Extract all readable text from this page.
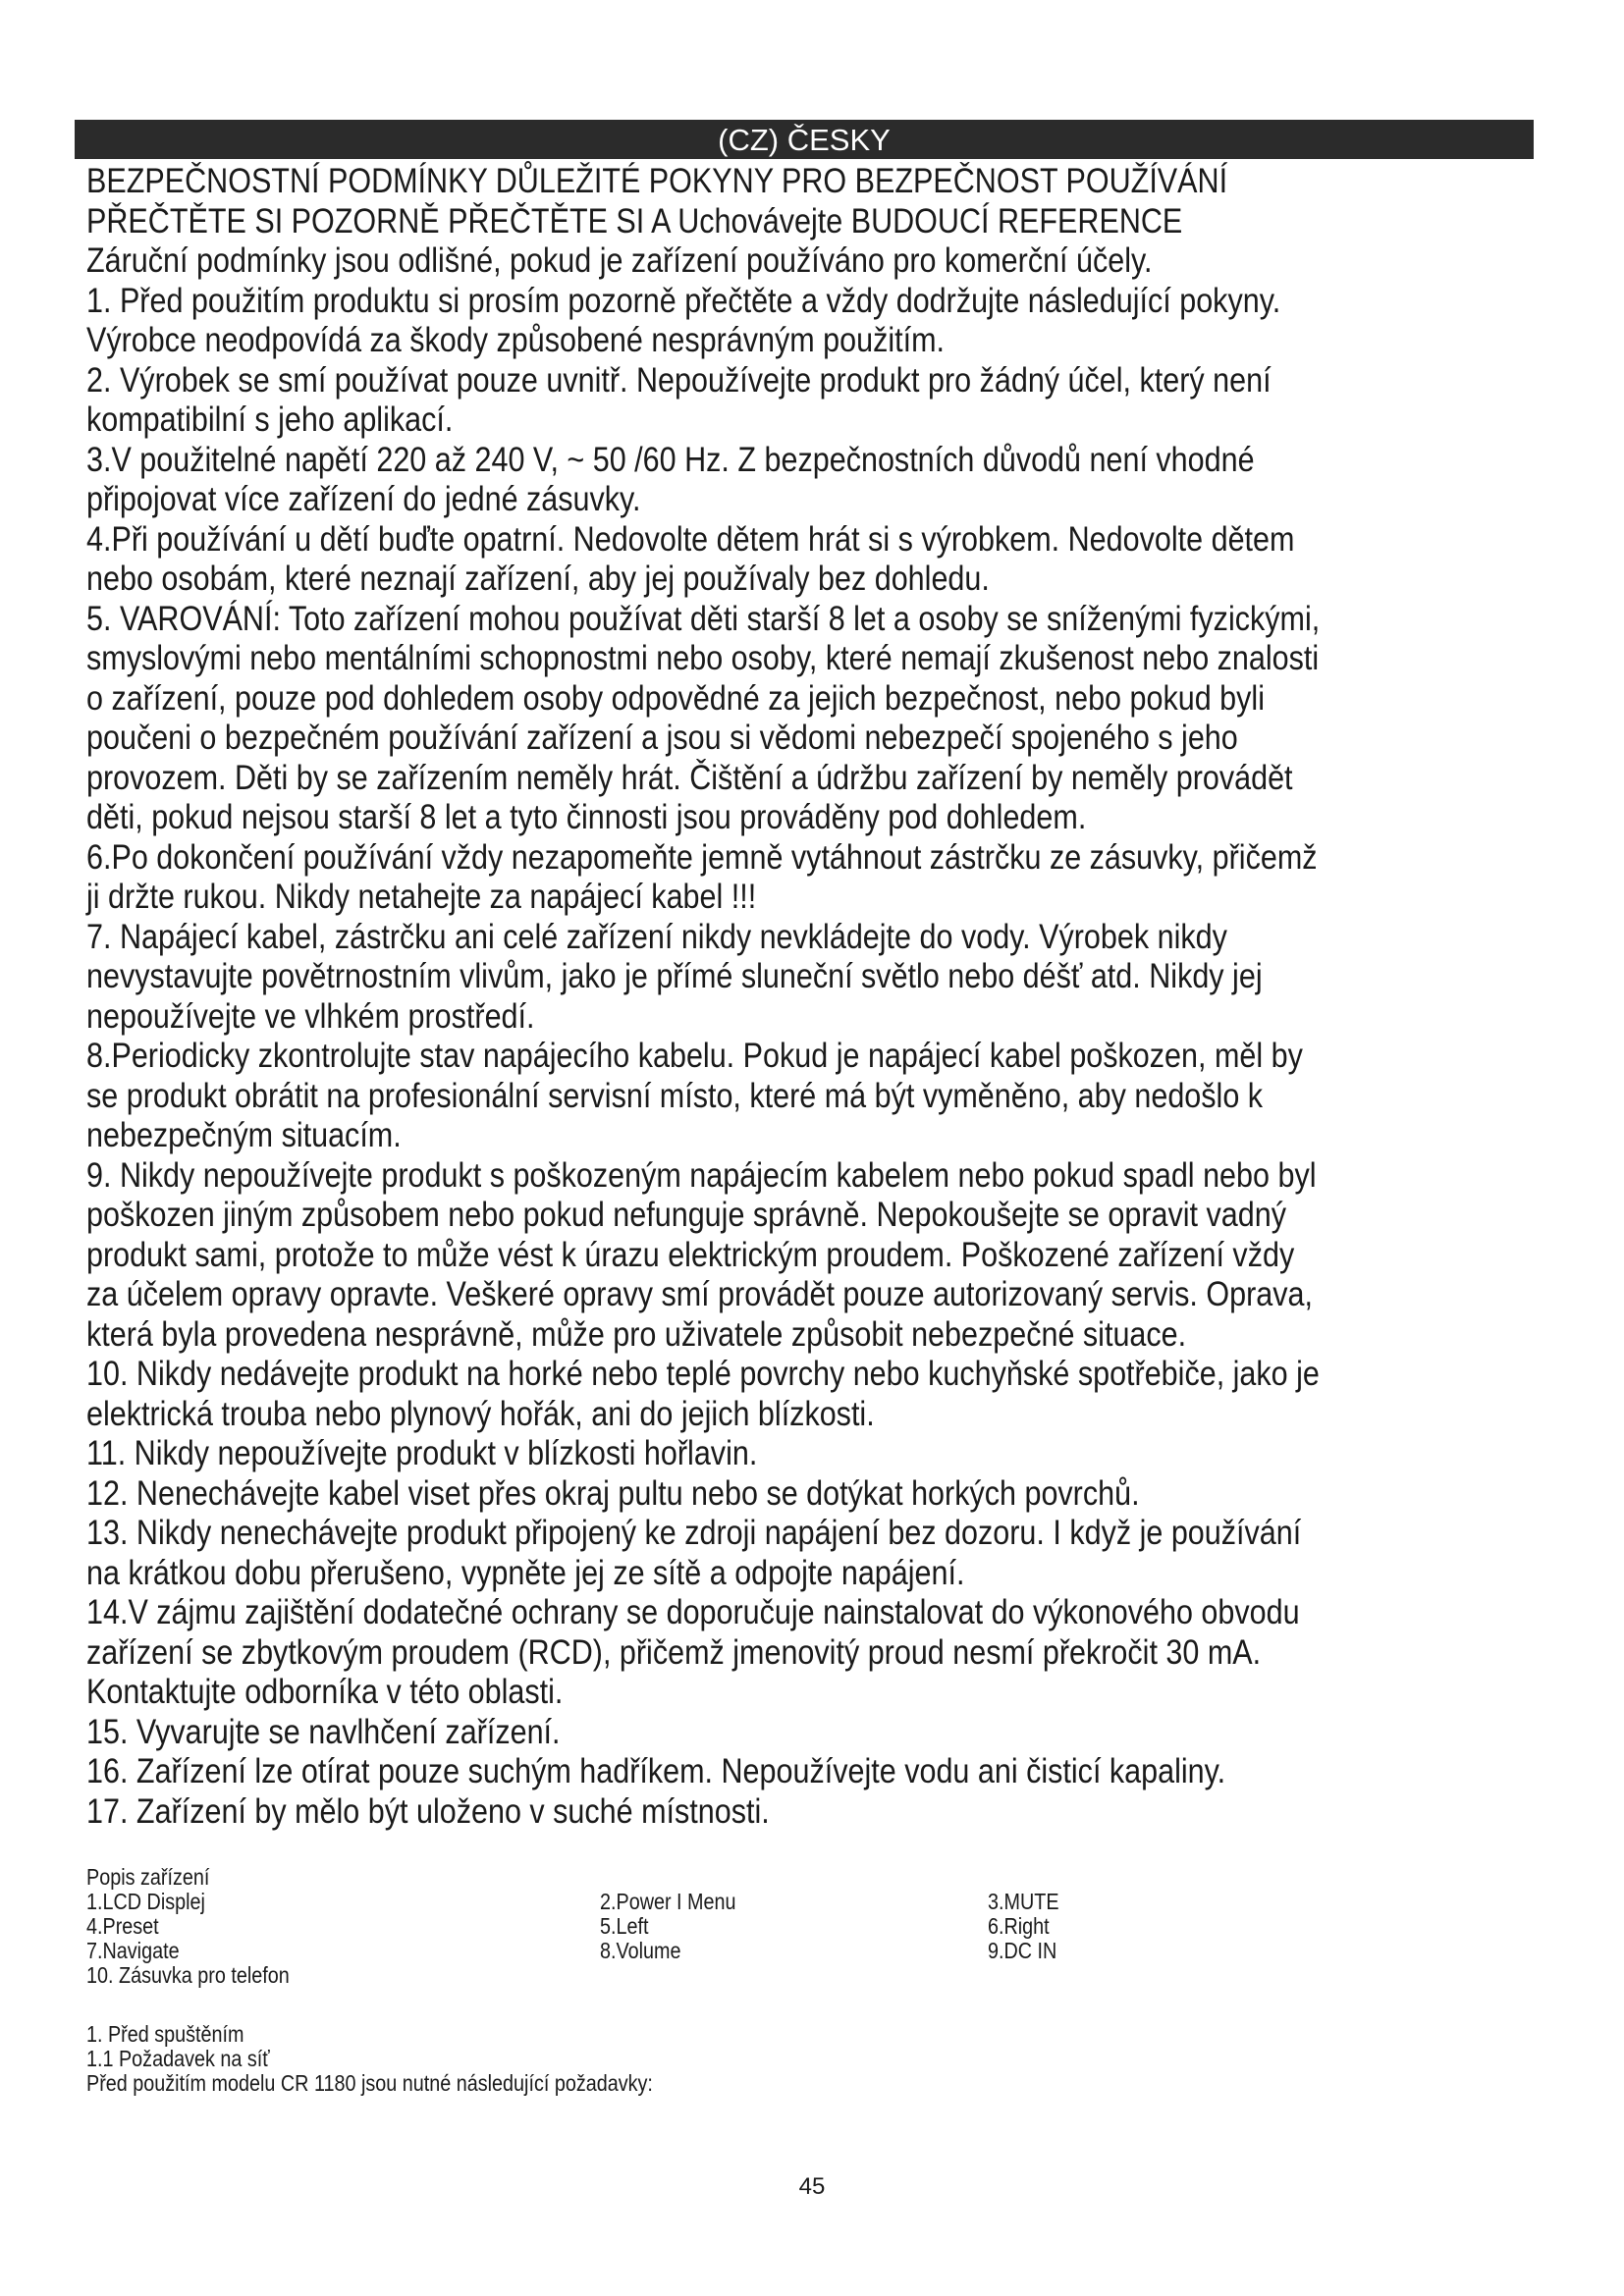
(CZ) ČESKY
BEZPEČNOSTNÍ PODMÍNKY DŮLEŽITÉ POKYNY PRO BEZPEČNOST POUŽÍVÁNÍ
PŘEČTĚTE SI POZORNĚ PŘEČTĚTE SI A Uchovávejte BUDOUCÍ REFERENCE
Záruční podmínky jsou odlišné, pokud je zařízení používáno pro komerční účely.
1. Před použitím produktu si prosím pozorně přečtěte a vždy dodržujte následující pokyny.
Výrobce neodpovídá za škody způsobené nesprávným použitím.
2. Výrobek se smí používat pouze uvnitř. Nepoužívejte produkt pro žádný účel, který není
kompatibilní s jeho aplikací.
3.V použitelné napětí 220 až 240 V, ~ 50 /60 Hz. Z bezpečnostních důvodů není vhodné
připojovat více zařízení do jedné zásuvky.
4.Při používání u dětí buďte opatrní. Nedovolte dětem hrát si s výrobkem. Nedovolte dětem
nebo osobám, které neznají zařízení, aby jej používaly bez dohledu.
5. VAROVÁNÍ: Toto zařízení mohou používat děti starší 8 let a osoby se sníženými fyzickými,
smyslovými nebo mentálními schopnostmi nebo osoby, které nemají zkušenost nebo znalosti
o zařízení, pouze pod dohledem osoby odpovědné za jejich bezpečnost, nebo pokud byli
poučeni o bezpečném používání zařízení a jsou si vědomi nebezpečí spojeného s jeho
provozem. Děti by se zařízením neměly hrát. Čištění a údržbu zařízení by neměly provádět
děti, pokud nejsou starší 8 let a tyto činnosti jsou prováděny pod dohledem.
6.Po dokončení používání vždy nezapomeňte jemně vytáhnout zástrčku ze zásuvky, přičemž
ji držte rukou. Nikdy netahejte za napájecí kabel !!!
7. Napájecí kabel, zástrčku ani celé zařízení nikdy nevkládejte do vody. Výrobek nikdy
nevystavujte povětrnostním vlivům, jako je přímé sluneční světlo nebo déšť atd. Nikdy jej
nepoužívejte ve vlhkém prostředí.
8.Periodicky zkontrolujte stav napájecího kabelu. Pokud je napájecí kabel poškozen, měl by
se produkt obrátit na profesionální servisní místo, které má být vyměněno, aby nedošlo k
nebezpečným situacím.
9. Nikdy nepoužívejte produkt s poškozeným napájecím kabelem nebo pokud spadl nebo byl
poškozen jiným způsobem nebo pokud nefunguje správně. Nepokoušejte se opravit vadný
produkt sami, protože to může vést k úrazu elektrickým proudem. Poškozené zařízení vždy
za účelem opravy opravte. Veškeré opravy smí provádět pouze autorizovaný servis. Oprava,
která byla provedena nesprávně, může pro uživatele způsobit nebezpečné situace.
10. Nikdy nedávejte produkt na horké nebo teplé povrchy nebo kuchyňské spotřebiče, jako je
elektrická trouba nebo plynový hořák, ani do jejich blízkosti.
11. Nikdy nepoužívejte produkt v blízkosti hořlavin.
12. Nenechávejte kabel viset přes okraj pultu nebo se dotýkat horkých povrchů.
13. Nikdy nenechávejte produkt připojený ke zdroji napájení bez dozoru. I když je používání
na krátkou dobu přerušeno, vypněte jej ze sítě a odpojte napájení.
14.V zájmu zajištění dodatečné ochrany se doporučuje nainstalovat do výkonového obvodu
zařízení se zbytkovým proudem (RCD), přičemž jmenovitý proud nesmí překročit 30 mA.
Kontaktujte odborníka v této oblasti.
15. Vyvarujte se navlhčení zařízení.
16. Zařízení lze otírat pouze suchým hadříkem. Nepoužívejte vodu ani čisticí kapaliny.
17. Zařízení by mělo být uloženo v suché místnosti.
Popis zařízení
1.LCD Displej
4.Preset
7.Navigate
10. Zásuvka pro telefon
2.Power I Menu
5.Left
8.Volume
3.MUTE
6.Right
9.DC IN
1. Před spuštěním
1.1 Požadavek na síť
Před použitím modelu CR 1180 jsou nutné následující požadavky:
45
